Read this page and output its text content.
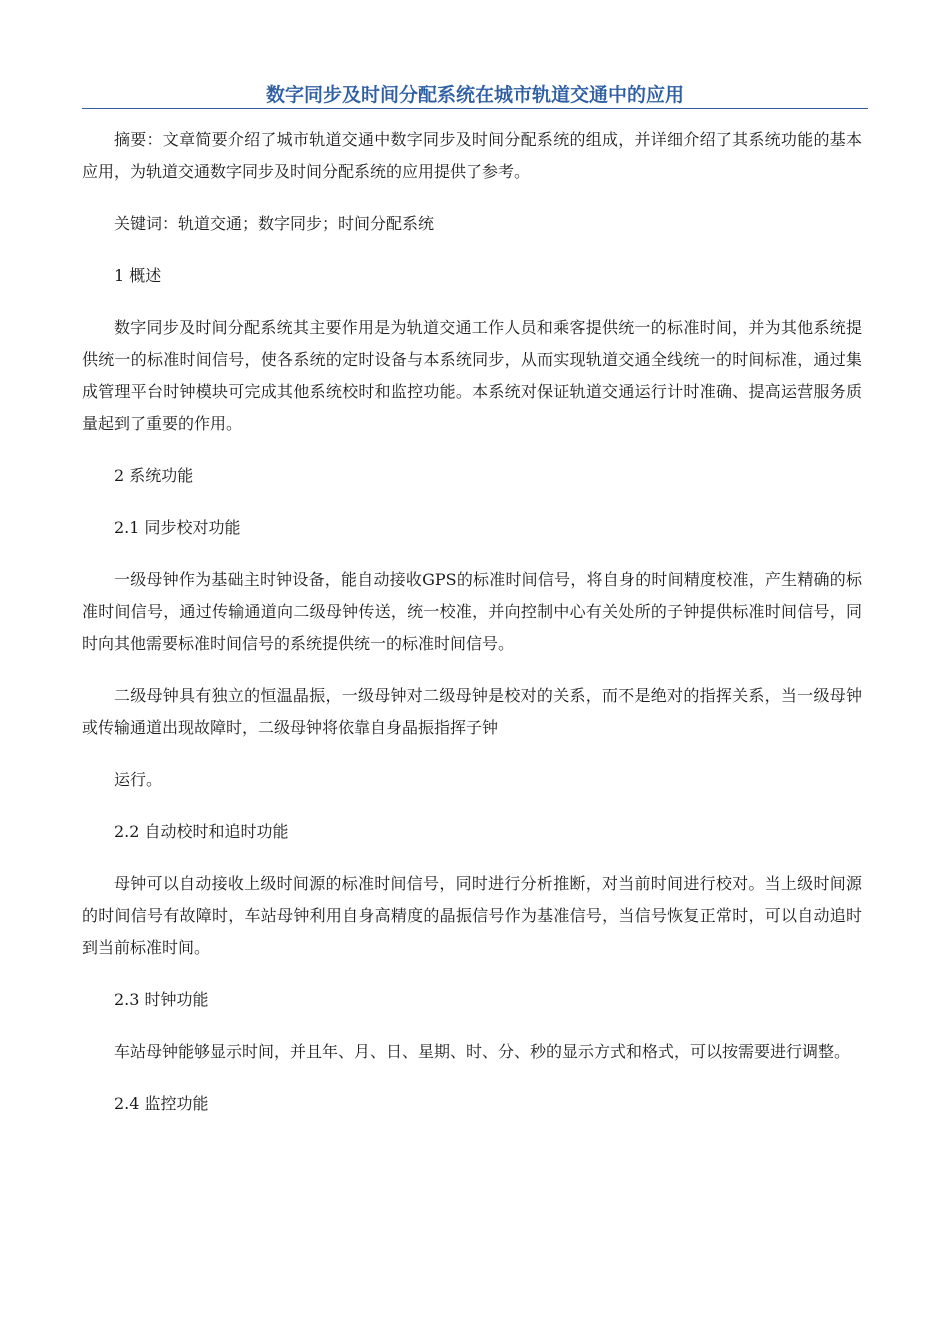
数字同步及时间分配系统在城市轨道交通中的应用

摘要：文章简要介绍了城市轨道交通中数字同步及时间分配系统的组成，并详细介绍了其系统功能的基本应用，为轨道交通数字同步及时间分配系统的应用提供了参考。

关键词：轨道交通；数字同步；时间分配系统

1 概述

数字同步及时间分配系统其主要作用是为轨道交通工作人员和乘客提供统一的标准时间，并为其他系统提供统一的标准时间信号，使各系统的定时设备与本系统同步，从而实现轨道交通全线统一的时间标准，通过集成管理平台时钟模块可完成其他系统校时和监控功能。本系统对保证轨道交通运行计时准确、提高运营服务质量起到了重要的作用。

2 系统功能

2.1 同步校对功能

一级母钟作为基础主时钟设备，能自动接收GPS的标准时间信号，将自身的时间精度校准，产生精确的标准时间信号，通过传输通道向二级母钟传送，统一校准，并向控制中心有关处所的子钟提供标准时间信号，同时向其他需要标准时间信号的系统提供统一的标准时间信号。

二级母钟具有独立的恒温晶振，一级母钟对二级母钟是校对的关系，而不是绝对的指挥关系，当一级母钟或传输通道出现故障时，二级母钟将依靠自身晶振指挥子钟

运行。

2.2 自动校时和追时功能

母钟可以自动接收上级时间源的标准时间信号，同时进行分析推断，对当前时间进行校对。当上级时间源的时间信号有故障时，车站母钟利用自身高精度的晶振信号作为基准信号，当信号恢复正常时，可以自动追时到当前标准时间。

2.3 时钟功能

车站母钟能够显示时间，并且年、月、日、星期、时、分、秒的显示方式和格式，可以按需要进行调整。

2.4 监控功能
